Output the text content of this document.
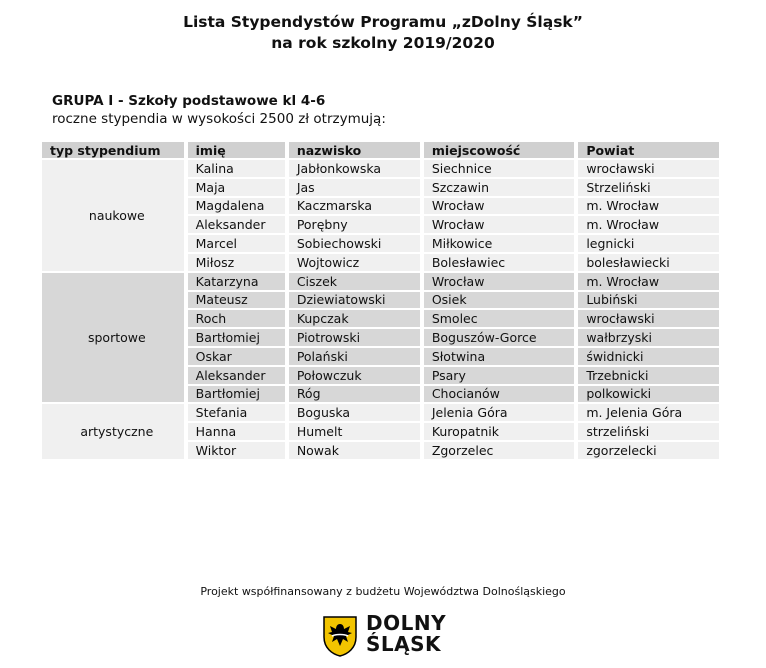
Lista Stypendystów Programu „zDolny Śląsk”
na rok szkolny 2019/2020
GRUPA I - Szkoły podstawowe kl 4-6
roczne stypendia w wysokości 2500 zł otrzymują:
typ stypendium	imię	nazwisko	miejscowość	Powiat
naukowe	Kalina	Jabłonkowska	Siechnice	wrocławski
	Maja	Jas	Szczawin	Strzeliński
	Magdalena	Kaczmarska	Wrocław	m. Wrocław
	Aleksander	Porębny	Wrocław	m. Wrocław
	Marcel	Sobiechowski	Miłkowice	legnicki
	Miłosz	Wojtowicz	Bolesławiec	bolesławiecki
sportowe	Katarzyna	Ciszek	Wrocław	m. Wrocław
	Mateusz	Dziewiatowski	Osiek	Lubiński
	Roch	Kupczak	Smolec	wrocławski
	Bartłomiej	Piotrowski	Boguszów-Gorce	wałbrzyski
	Oskar	Polański	Słotwina	świdnicki
	Aleksander	Połowczuk	Psary	Trzebnicki
	Bartłomiej	Róg	Chocianów	polkowicki
artystyczne	Stefania	Boguska	Jelenia Góra	m. Jelenia Góra
	Hanna	Humelt	Kuropatnik	strzeliński
	Wiktor	Nowak	Zgorzelec	zgorzelecki
Projekt współfinansowany z budżetu Województwa Dolnośląskiego
DOLNY
ŚLĄSK
